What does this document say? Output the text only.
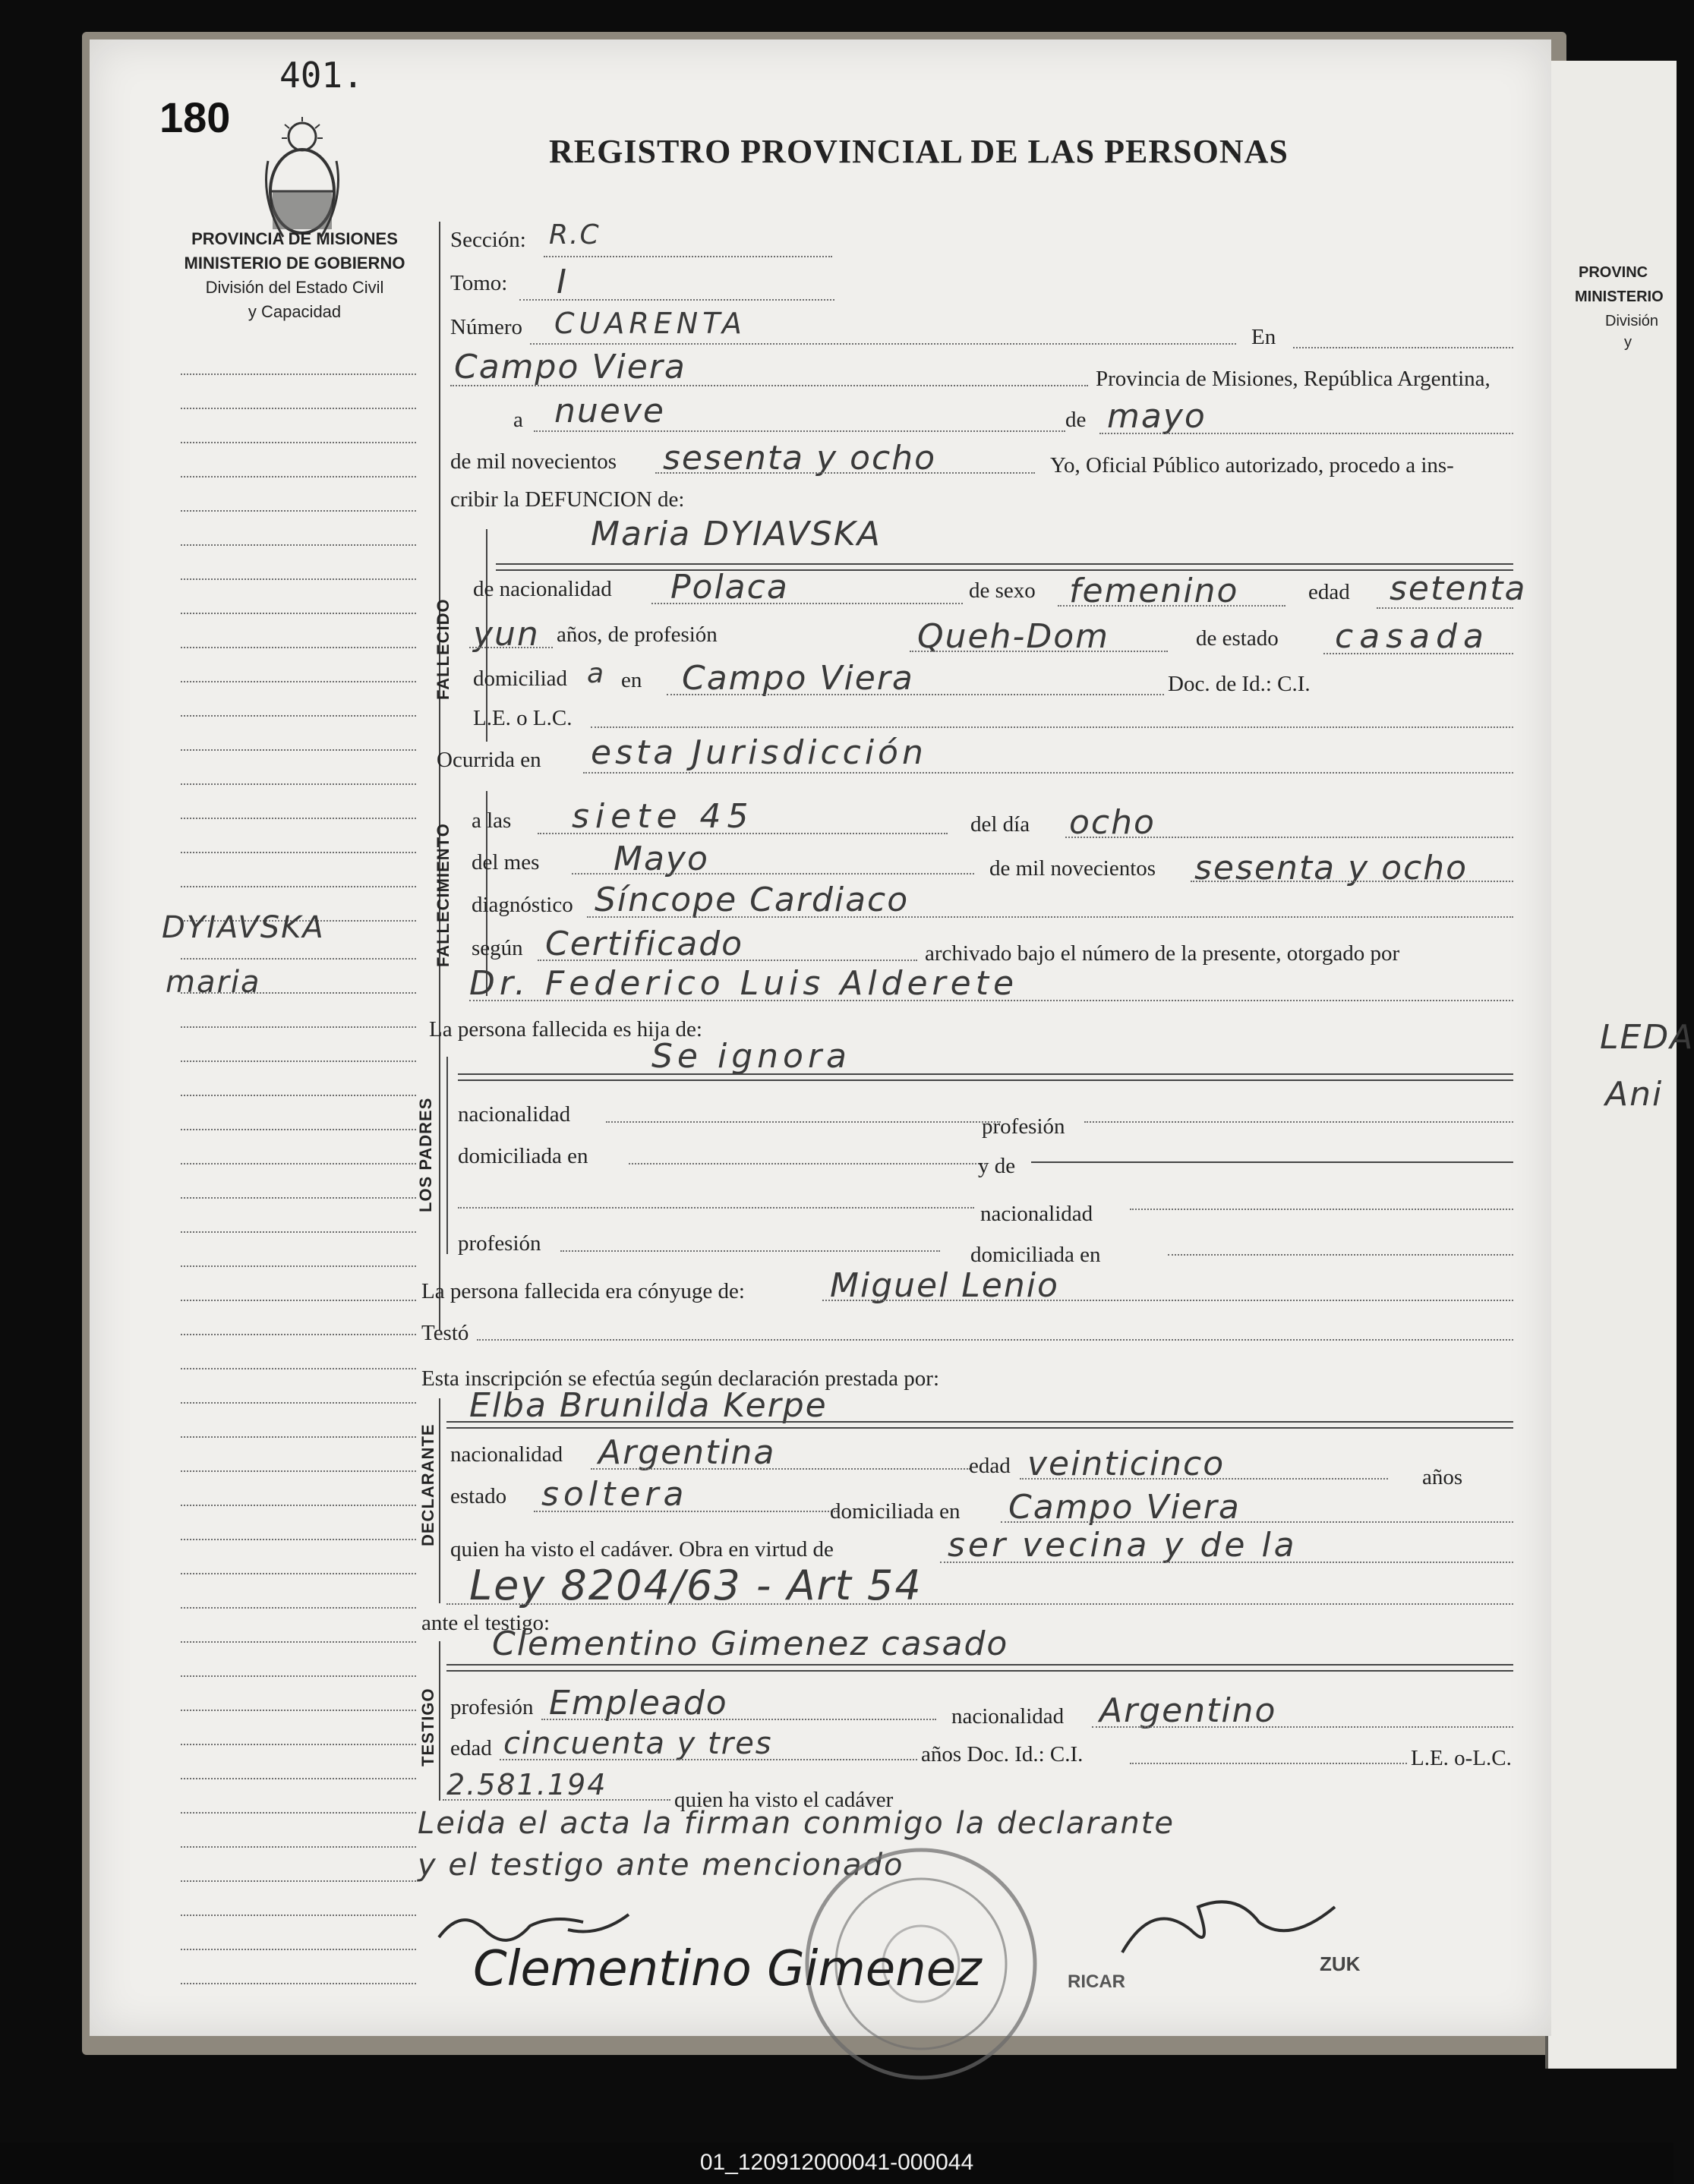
PROVINC
MINISTERIO
División
y
LEDA
Ani
180
401.
REGISTRO PROVINCIAL DE LAS PERSONAS
PROVINCIA DE MISIONES
MINISTERIO DE GOBIERNO
División del Estado Civil
y Capacidad
DYIAVSKA
maria
Sección: R.C
Tomo: I
Número CUARENTA	En
Campo Viera	Provincia de Misiones, República Argentina,
a nueve	de mayo
de mil novecientos sesenta y ocho	Yo, Oficial Público autorizado, procedo a ins-
cribir la DEFUNCION de:
FALLECIDO
Maria DYIAVSKA
de nacionalidad Polaca	de sexo femenino	edad setenta
yun años, de profesión	Queh-Dom	de estado casada
domiciliad a en Campo Viera	Doc. de Id.: C.I.
L.E. o L.C.
Ocurrida en esta Jurisdicción
FALLECIMIENTO
a las siete 45	del día ocho
del mes Mayo	de mil novecientos sesenta y ocho
diagnóstico Síncope Cardiaco
según Certificado	archivado bajo el número de la presente, otorgado por
Dr. Federico Luis Alderete
La persona fallecida es hija de:
LOS PADRES
Se ignora
nacionalidad	profesión
domiciliada en	y de
nacionalidad
profesión	domiciliada en
La persona fallecida era cónyuge de:	Miguel Lenio
Testó
Esta inscripción se efectúa según declaración prestada por:
DECLARANTE
Elba Brunilda Kerpe
nacionalidad Argentina	edad veinticinco	años
estado soltera	domiciliada en Campo Viera
quien ha visto el cadáver. Obra en virtud de	ser vecina y de la
Ley 8204/63 - Art 54
ante el testigo:
TESTIGO
Clementino Gimenez casado
profesión Empleado	nacionalidad Argentino
edad cincuenta y tres	años Doc. Id.: C.I.	L.E. o-L.C.
2.581.194	quien ha visto el cadáver
Leida el acta la firman conmigo la declarante
y el testigo ante mencionado
Clementino Gimenez	RICAR
ZUK
01_120912000041-000044
